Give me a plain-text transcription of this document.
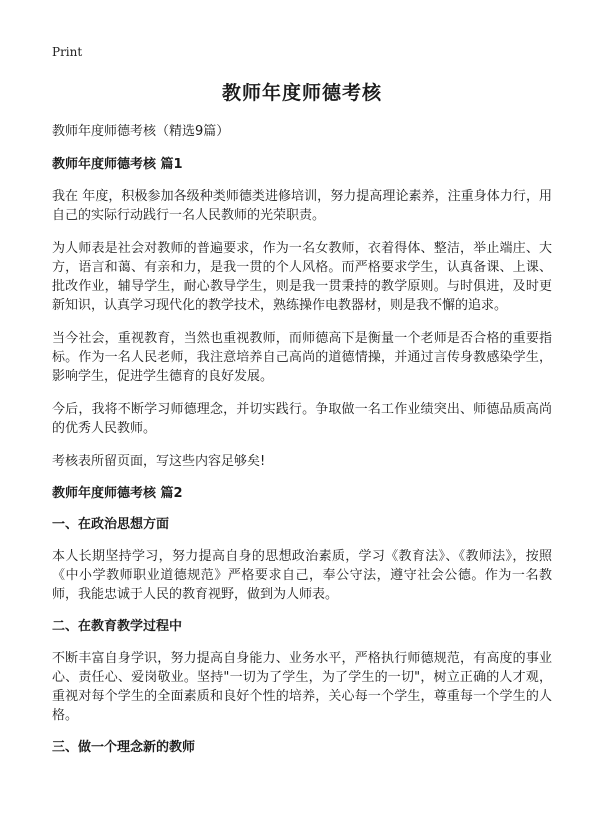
Print
教师年度师德考核
教师年度师德考核（精选9篇）
教师年度师德考核 篇1
我在 年度，积极参加各级种类师德类进修培训，努力提高理论素养，注重身体力行，用自己的实际行动践行一名人民教师的光荣职责。
为人师表是社会对教师的普遍要求，作为一名女教师，衣着得体、整洁，举止端庄、大方，语言和蔼、有亲和力，是我一贯的个人风格。而严格要求学生，认真备课、上课、批改作业，辅导学生，耐心教导学生，则是我一贯秉持的教学原则。与时俱进，及时更新知识，认真学习现代化的教学技术，熟练操作电教器材，则是我不懈的追求。
当今社会，重视教育，当然也重视教师，而师德高下是衡量一个老师是否合格的重要指标。作为一名人民老师，我注意培养自己高尚的道德情操，并通过言传身教感染学生，影响学生，促进学生德育的良好发展。
今后，我将不断学习师德理念，并切实践行。争取做一名工作业绩突出、师德品质高尚的优秀人民教师。
考核表所留页面，写这些内容足够矣!
教师年度师德考核 篇2
一、在政治思想方面
本人长期坚持学习，努力提高自身的思想政治素质，学习《教育法》、《教师法》，按照《中小学教师职业道德规范》严格要求自己，奉公守法，遵守社会公德。作为一名教师，我能忠诚于人民的教育视野，做到为人师表。
二、在教育教学过程中
不断丰富自身学识，努力提高自身能力、业务水平，严格执行师德规范，有高度的事业心、责任心、爱岗敬业。坚持"一切为了学生，为了学生的一切"，树立正确的人才观，重视对每个学生的全面素质和良好个性的培养，关心每一个学生，尊重每一个学生的人格。
三、做一个理念新的教师
